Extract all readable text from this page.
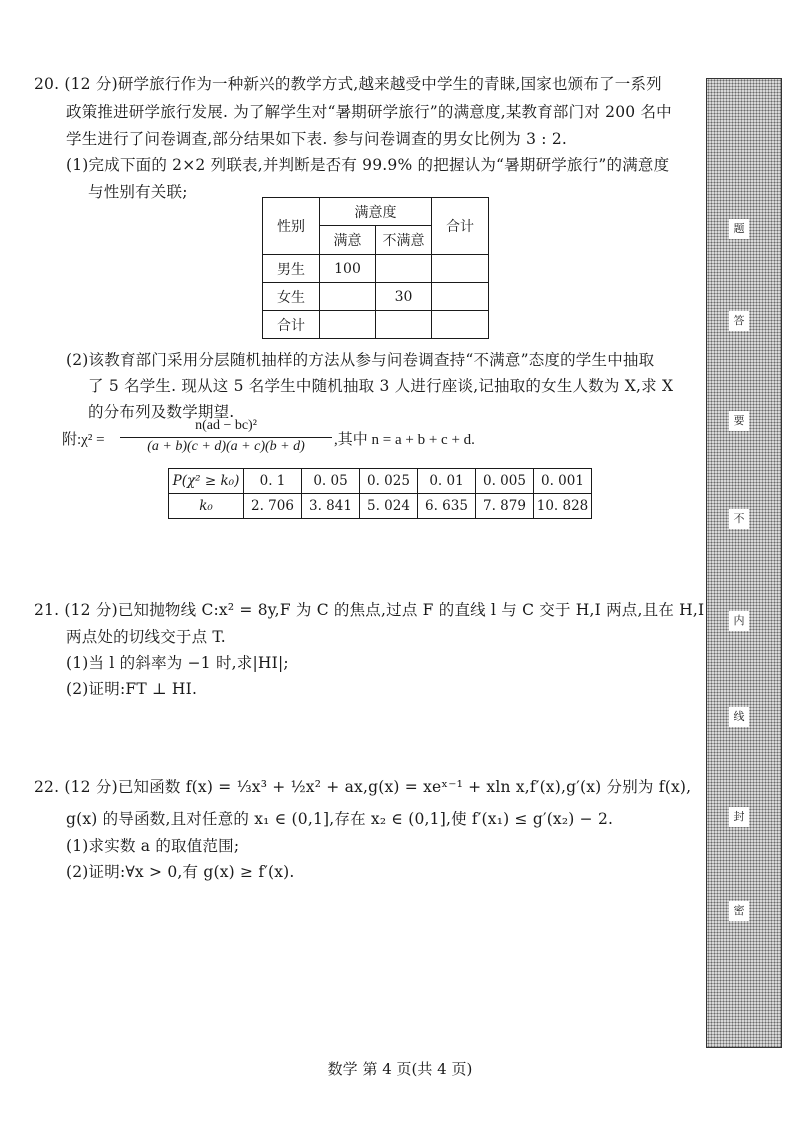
20. (12 分)研学旅行作为一种新兴的教学方式,越来越受中学生的青睐,国家也颁布了一系列
政策推进研学旅行发展. 为了解学生对“暑期研学旅行”的满意度,某教育部门对 200 名中
学生进行了问卷调查,部分结果如下表. 参与问卷调查的男女比例为 3 : 2.
(1)完成下面的 2×2 列联表,并判断是否有 99.9% 的把握认为“暑期研学旅行”的满意度
与性别有关联;
性别	满意度		合计
	满意	不满意	
男生	100		
女生		30	
合计			
(2)该教育部门采用分层随机抽样的方法从参与问卷调查持“不满意”态度的学生中抽取
了 5 名学生. 现从这 5 名学生中随机抽取 3 人进行座谈,记抽取的女生人数为 X,求 X
的分布列及数学期望.
附:χ² =
n(ad − bc)²
(a + b)(c + d)(a + c)(b + d)	,其中 n = a + b + c + d.
P(χ² ≥ k₀)	0. 1	0. 05	0. 025	0. 01	0. 005	0. 001
k₀	2. 706	3. 841	5. 024	6. 635	7. 879	10. 828
21. (12 分)已知抛物线 C:x² = 8y,F 为 C 的焦点,过点 F 的直线 l 与 C 交于 H,I 两点,且在 H,I
两点处的切线交于点 T.
(1)当 l 的斜率为 −1 时,求|HI|;
(2)证明:FT ⊥ HI.
22. (12 分)已知函数 f(x) = ⅓x³ + ½x² + ax,g(x) = xeˣ⁻¹ + xln x,f′(x),g′(x) 分别为 f(x),
g(x) 的导函数,且对任意的 x₁ ∈ (0,1],存在 x₂ ∈ (0,1],使 f′(x₁) ≤ g′(x₂) − 2.
(1)求实数 a 的取值范围;
(2)证明:∀x > 0,有 g(x) ≥ f′(x).
题
答
要
不
内
线
封
密
数学 第 4 页(共 4 页)
